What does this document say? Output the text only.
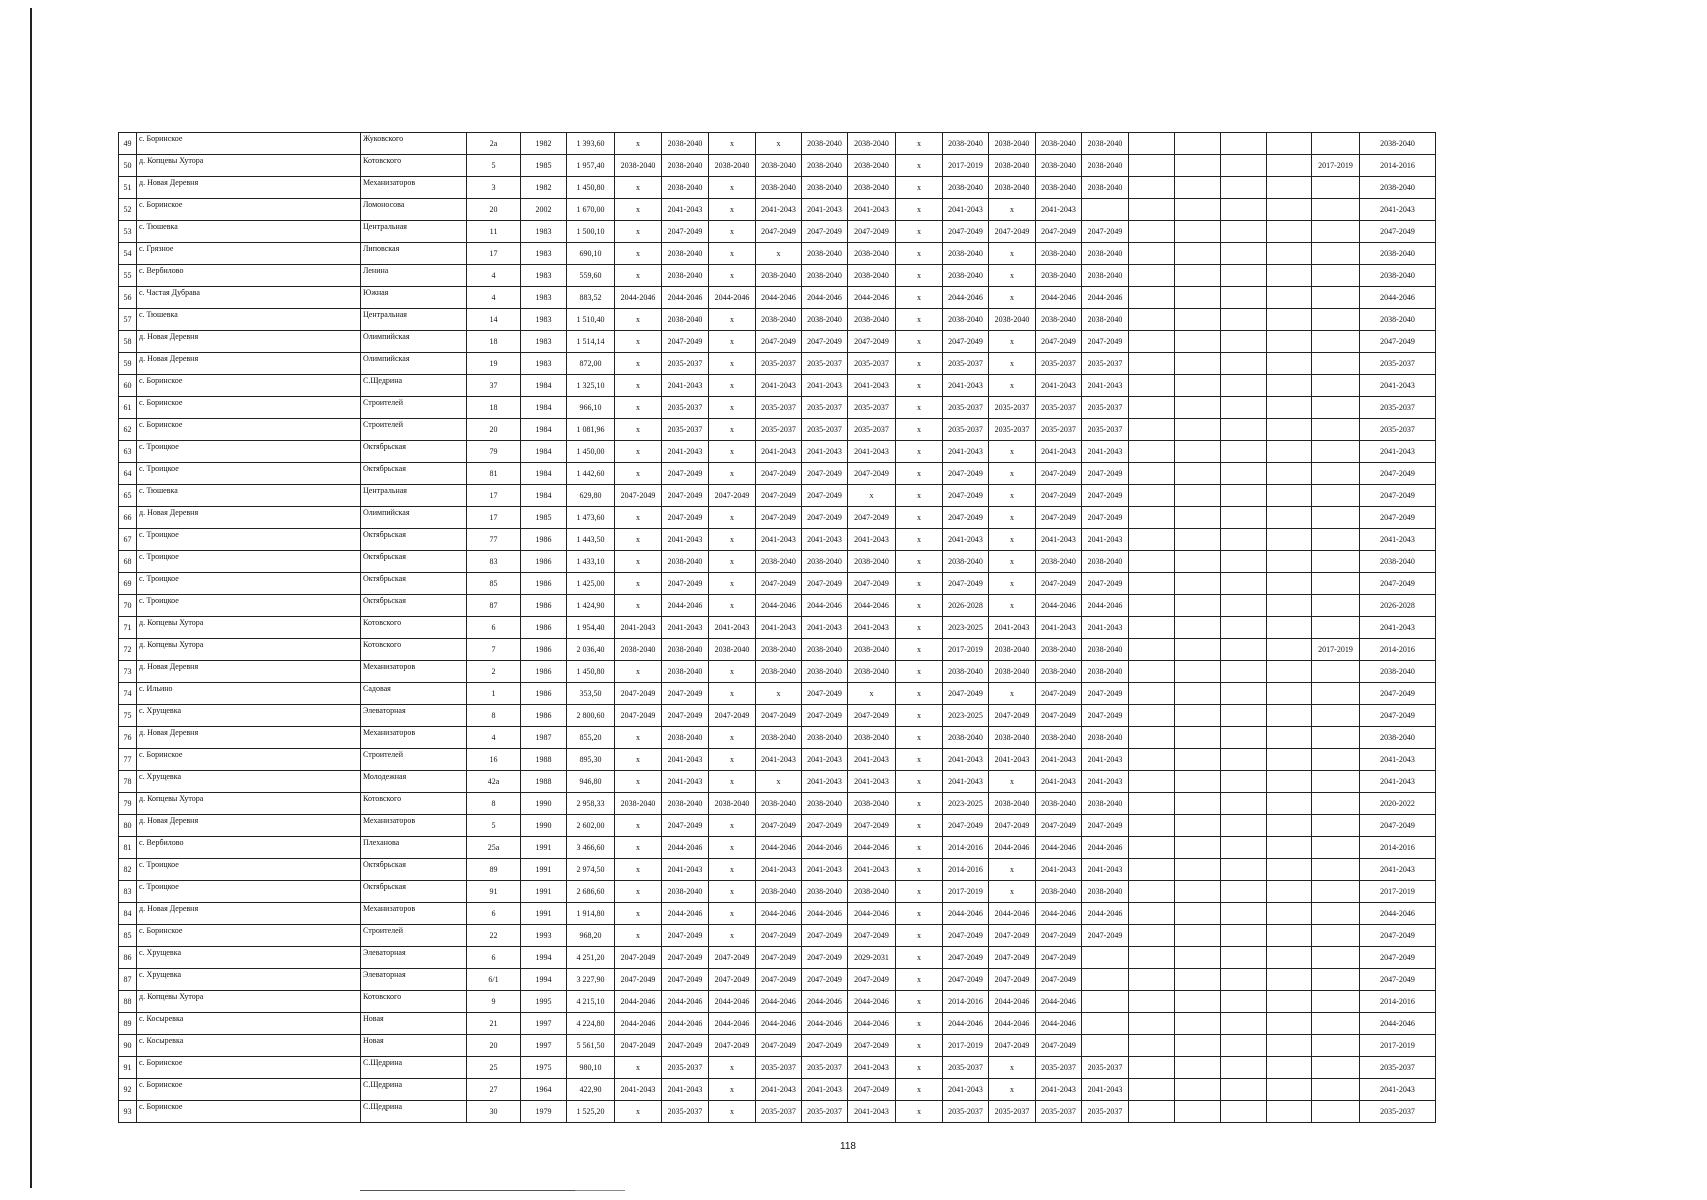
49	с. Боринское	Жуковского	2а	1982	1 393,60	х	2038-2040	х	х	2038-2040	2038-2040	х	2038-2040	2038-2040	2038-2040	2038-2040						2038-2040
50	д. Копцевы Хутора	Котовского	5	1985	1 957,40	2038-2040	2038-2040	2038-2040	2038-2040	2038-2040	2038-2040	х	2017-2019	2038-2040	2038-2040	2038-2040					2017-2019	2014-2016
51	д. Новая Деревня	Механизаторов	3	1982	1 450,80	х	2038-2040	х	2038-2040	2038-2040	2038-2040	х	2038-2040	2038-2040	2038-2040	2038-2040						2038-2040
52	с. Боринское	Ломоносова	20	2002	1 670,00	х	2041-2043	х	2041-2043	2041-2043	2041-2043	х	2041-2043	х	2041-2043							2041-2043
53	с. Тюшевка	Центральная	11	1983	1 500,10	х	2047-2049	х	2047-2049	2047-2049	2047-2049	х	2047-2049	2047-2049	2047-2049	2047-2049						2047-2049
54	с. Грязное	Липовская	17	1983	690,10	х	2038-2040	х	х	2038-2040	2038-2040	х	2038-2040	х	2038-2040	2038-2040						2038-2040
55	с. Вербилово	Ленина	4	1983	559,60	х	2038-2040	х	2038-2040	2038-2040	2038-2040	х	2038-2040	х	2038-2040	2038-2040						2038-2040
56	с. Частая Дубрава	Южная	4	1983	883,52	2044-2046	2044-2046	2044-2046	2044-2046	2044-2046	2044-2046	х	2044-2046	х	2044-2046	2044-2046						2044-2046
57	с. Тюшевка	Центральная	14	1983	1 510,40	х	2038-2040	х	2038-2040	2038-2040	2038-2040	х	2038-2040	2038-2040	2038-2040	2038-2040						2038-2040
58	д. Новая Деревня	Олимпийская	18	1983	1 514,14	х	2047-2049	х	2047-2049	2047-2049	2047-2049	х	2047-2049	х	2047-2049	2047-2049						2047-2049
59	д. Новая Деревня	Олимпийская	19	1983	872,00	х	2035-2037	х	2035-2037	2035-2037	2035-2037	х	2035-2037	х	2035-2037	2035-2037						2035-2037
60	с. Боринское	С.Щедрина	37	1984	1 325,10	х	2041-2043	х	2041-2043	2041-2043	2041-2043	х	2041-2043	х	2041-2043	2041-2043						2041-2043
61	с. Боринское	Строителей	18	1984	966,10	х	2035-2037	х	2035-2037	2035-2037	2035-2037	х	2035-2037	2035-2037	2035-2037	2035-2037						2035-2037
62	с. Боринское	Строителей	20	1984	1 081,96	х	2035-2037	х	2035-2037	2035-2037	2035-2037	х	2035-2037	2035-2037	2035-2037	2035-2037						2035-2037
63	с. Троицкое	Октябрьская	79	1984	1 450,00	х	2041-2043	х	2041-2043	2041-2043	2041-2043	х	2041-2043	х	2041-2043	2041-2043						2041-2043
64	с. Троицкое	Октябрьская	81	1984	1 442,60	х	2047-2049	х	2047-2049	2047-2049	2047-2049	х	2047-2049	х	2047-2049	2047-2049						2047-2049
65	с. Тюшевка	Центральная	17	1984	629,80	2047-2049	2047-2049	2047-2049	2047-2049	2047-2049	х	х	2047-2049	х	2047-2049	2047-2049						2047-2049
66	д. Новая Деревня	Олимпийская	17	1985	1 473,60	х	2047-2049	х	2047-2049	2047-2049	2047-2049	х	2047-2049	х	2047-2049	2047-2049						2047-2049
67	с. Троицкое	Октябрьская	77	1986	1 443,50	х	2041-2043	х	2041-2043	2041-2043	2041-2043	х	2041-2043	х	2041-2043	2041-2043						2041-2043
68	с. Троицкое	Октябрьская	83	1986	1 433,10	х	2038-2040	х	2038-2040	2038-2040	2038-2040	х	2038-2040	х	2038-2040	2038-2040						2038-2040
69	с. Троицкое	Октябрьская	85	1986	1 425,00	х	2047-2049	х	2047-2049	2047-2049	2047-2049	х	2047-2049	х	2047-2049	2047-2049						2047-2049
70	с. Троицкое	Октябрьская	87	1986	1 424,90	х	2044-2046	х	2044-2046	2044-2046	2044-2046	х	2026-2028	х	2044-2046	2044-2046						2026-2028
71	д. Копцевы Хутора	Котовского	6	1986	1 954,40	2041-2043	2041-2043	2041-2043	2041-2043	2041-2043	2041-2043	х	2023-2025	2041-2043	2041-2043	2041-2043						2041-2043
72	д. Копцевы Хутора	Котовского	7	1986	2 036,40	2038-2040	2038-2040	2038-2040	2038-2040	2038-2040	2038-2040	х	2017-2019	2038-2040	2038-2040	2038-2040					2017-2019	2014-2016
73	д. Новая Деревня	Механизаторов	2	1986	1 450,80	х	2038-2040	х	2038-2040	2038-2040	2038-2040	х	2038-2040	2038-2040	2038-2040	2038-2040						2038-2040
74	с. Ильино	Садовая	1	1986	353,50	2047-2049	2047-2049	х	х	2047-2049	х	х	2047-2049	х	2047-2049	2047-2049						2047-2049
75	с. Хрущевка	Элеваторная	8	1986	2 800,60	2047-2049	2047-2049	2047-2049	2047-2049	2047-2049	2047-2049	х	2023-2025	2047-2049	2047-2049	2047-2049						2047-2049
76	д. Новая Деревня	Механизаторов	4	1987	855,20	х	2038-2040	х	2038-2040	2038-2040	2038-2040	х	2038-2040	2038-2040	2038-2040	2038-2040						2038-2040
77	с. Боринское	Строителей	16	1988	895,30	х	2041-2043	х	2041-2043	2041-2043	2041-2043	х	2041-2043	2041-2043	2041-2043	2041-2043						2041-2043
78	с. Хрущевка	Молодежная	42а	1988	946,80	х	2041-2043	х	х	2041-2043	2041-2043	х	2041-2043	х	2041-2043	2041-2043						2041-2043
79	д. Копцевы Хутора	Котовского	8	1990	2 958,33	2038-2040	2038-2040	2038-2040	2038-2040	2038-2040	2038-2040	х	2023-2025	2038-2040	2038-2040	2038-2040						2020-2022
80	д. Новая Деревня	Механизаторов	5	1990	2 602,00	х	2047-2049	х	2047-2049	2047-2049	2047-2049	х	2047-2049	2047-2049	2047-2049	2047-2049						2047-2049
81	с. Вербилово	Плеханова	25а	1991	3 466,60	х	2044-2046	х	2044-2046	2044-2046	2044-2046	х	2014-2016	2044-2046	2044-2046	2044-2046						2014-2016
82	с. Троицкое	Октябрьская	89	1991	2 974,50	х	2041-2043	х	2041-2043	2041-2043	2041-2043	х	2014-2016	х	2041-2043	2041-2043						2041-2043
83	с. Троицкое	Октябрьская	91	1991	2 686,60	х	2038-2040	х	2038-2040	2038-2040	2038-2040	х	2017-2019	х	2038-2040	2038-2040						2017-2019
84	д. Новая Деревня	Механизаторов	6	1991	1 914,80	х	2044-2046	х	2044-2046	2044-2046	2044-2046	х	2044-2046	2044-2046	2044-2046	2044-2046						2044-2046
85	с. Боринское	Строителей	22	1993	968,20	х	2047-2049	х	2047-2049	2047-2049	2047-2049	х	2047-2049	2047-2049	2047-2049	2047-2049						2047-2049
86	с. Хрущевка	Элеваторная	6	1994	4 251,20	2047-2049	2047-2049	2047-2049	2047-2049	2047-2049	2029-2031	х	2047-2049	2047-2049	2047-2049							2047-2049
87	с. Хрущевка	Элеваторная	6/1	1994	3 227,90	2047-2049	2047-2049	2047-2049	2047-2049	2047-2049	2047-2049	х	2047-2049	2047-2049	2047-2049							2047-2049
88	д. Копцевы Хутора	Котовского	9	1995	4 215,10	2044-2046	2044-2046	2044-2046	2044-2046	2044-2046	2044-2046	х	2014-2016	2044-2046	2044-2046							2014-2016
89	с. Косыревка	Новая	21	1997	4 224,80	2044-2046	2044-2046	2044-2046	2044-2046	2044-2046	2044-2046	х	2044-2046	2044-2046	2044-2046							2044-2046
90	с. Косыревка	Новая	20	1997	5 561,50	2047-2049	2047-2049	2047-2049	2047-2049	2047-2049	2047-2049	х	2017-2019	2047-2049	2047-2049							2017-2019
91	с. Боринское	С.Щедрина	25	1975	980,10	х	2035-2037	х	2035-2037	2035-2037	2041-2043	х	2035-2037	х	2035-2037	2035-2037						2035-2037
92	с. Боринское	С.Щедрина	27	1964	422,90	2041-2043	2041-2043	х	2041-2043	2041-2043	2047-2049	х	2041-2043	х	2041-2043	2041-2043						2041-2043
93	с. Боринское	С.Щедрина	30	1979	1 525,20	х	2035-2037	х	2035-2037	2035-2037	2041-2043	х	2035-2037	2035-2037	2035-2037	2035-2037						2035-2037
118
